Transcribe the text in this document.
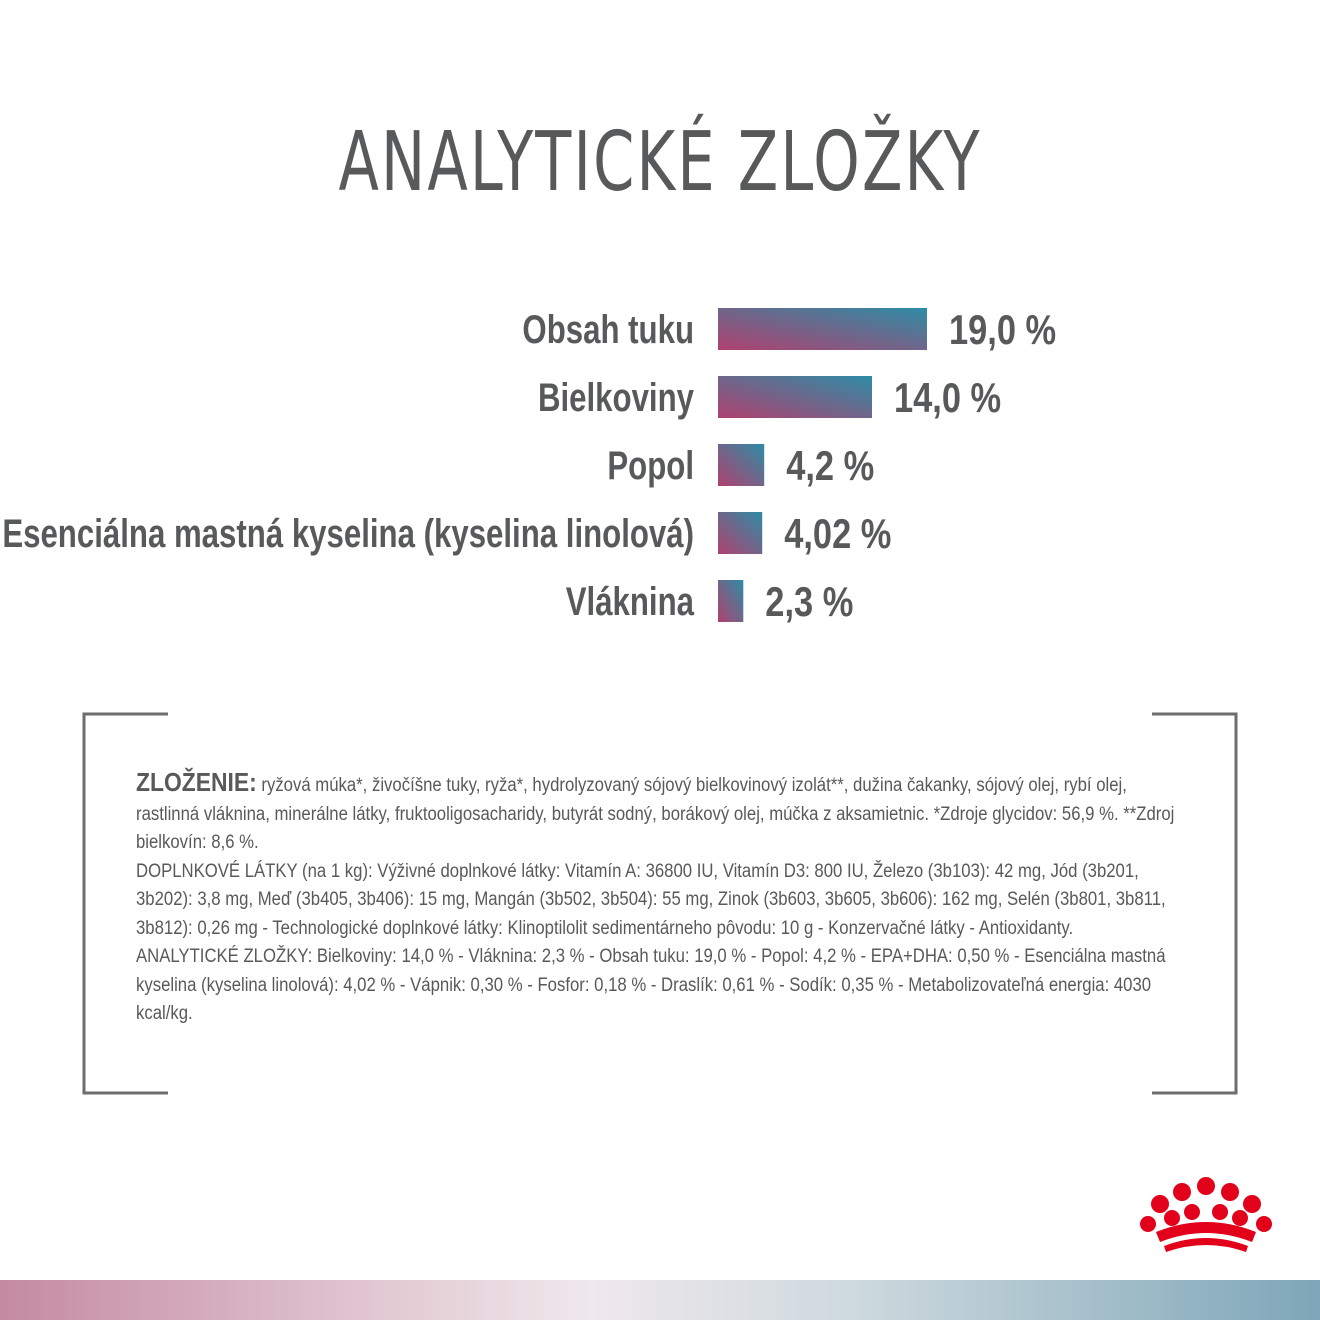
ANALYTICKÉ ZLOŽKY
Obsah tuku	19,0 %
Bielkoviny	14,0 %
Popol 4,2 %
Esenciálna mastná kyselina (kyselina linolová) 4,02 %
Vláknina 2,3 %

ZLOŽENIE: ryžová múka*, živočíšne tuky, ryža*, hydrolyzovaný sójový bielkovinový izolát**, dužina čakanky, sójový olej, rybí olej, rastlinná vláknina, minerálne látky, fruktooligosacharidy, butyrát sodný, borákový olej, múčka z aksamietnic. *Zdroje glycidov: 56,9 %. **Zdroj bielkovín: 8,6 %.

DOPLNKOVÉ LÁTKY (na 1 kg): Výživné doplnkové látky: Vitamín A: 36800 IU, Vitamín D3: 800 IU, Železo (3b103): 42 mg, Jód (3b201, 3b202): 3,8 mg, Meď (3b405, 3b406): 15 mg, Mangán (3b502, 3b504): 55 mg, Zinok (3b603, 3b605, 3b606): 162 mg, Selén (3b801, 3b811, 3b812): 0,26 mg - Technologické doplnkové látky: Klinoptilolit sedimentárneho pôvodu: 10 g - Konzervačné látky - Antioxidanty.

ANALYTICKÉ ZLOŽKY: Bielkoviny: 14,0 % - Vláknina: 2,3 % - Obsah tuku: 19,0 % - Popol: 4,2 % - EPA+DHA: 0,50 % - Esenciálna mastná kyselina (kyselina linolová): 4,02 % - Vápnik: 0,30 % - Fosfor: 0,18 % - Draslík: 0,61 % - Sodík: 0,35 % - Metabolizovateľná energia: 4030 kcal/kg.
